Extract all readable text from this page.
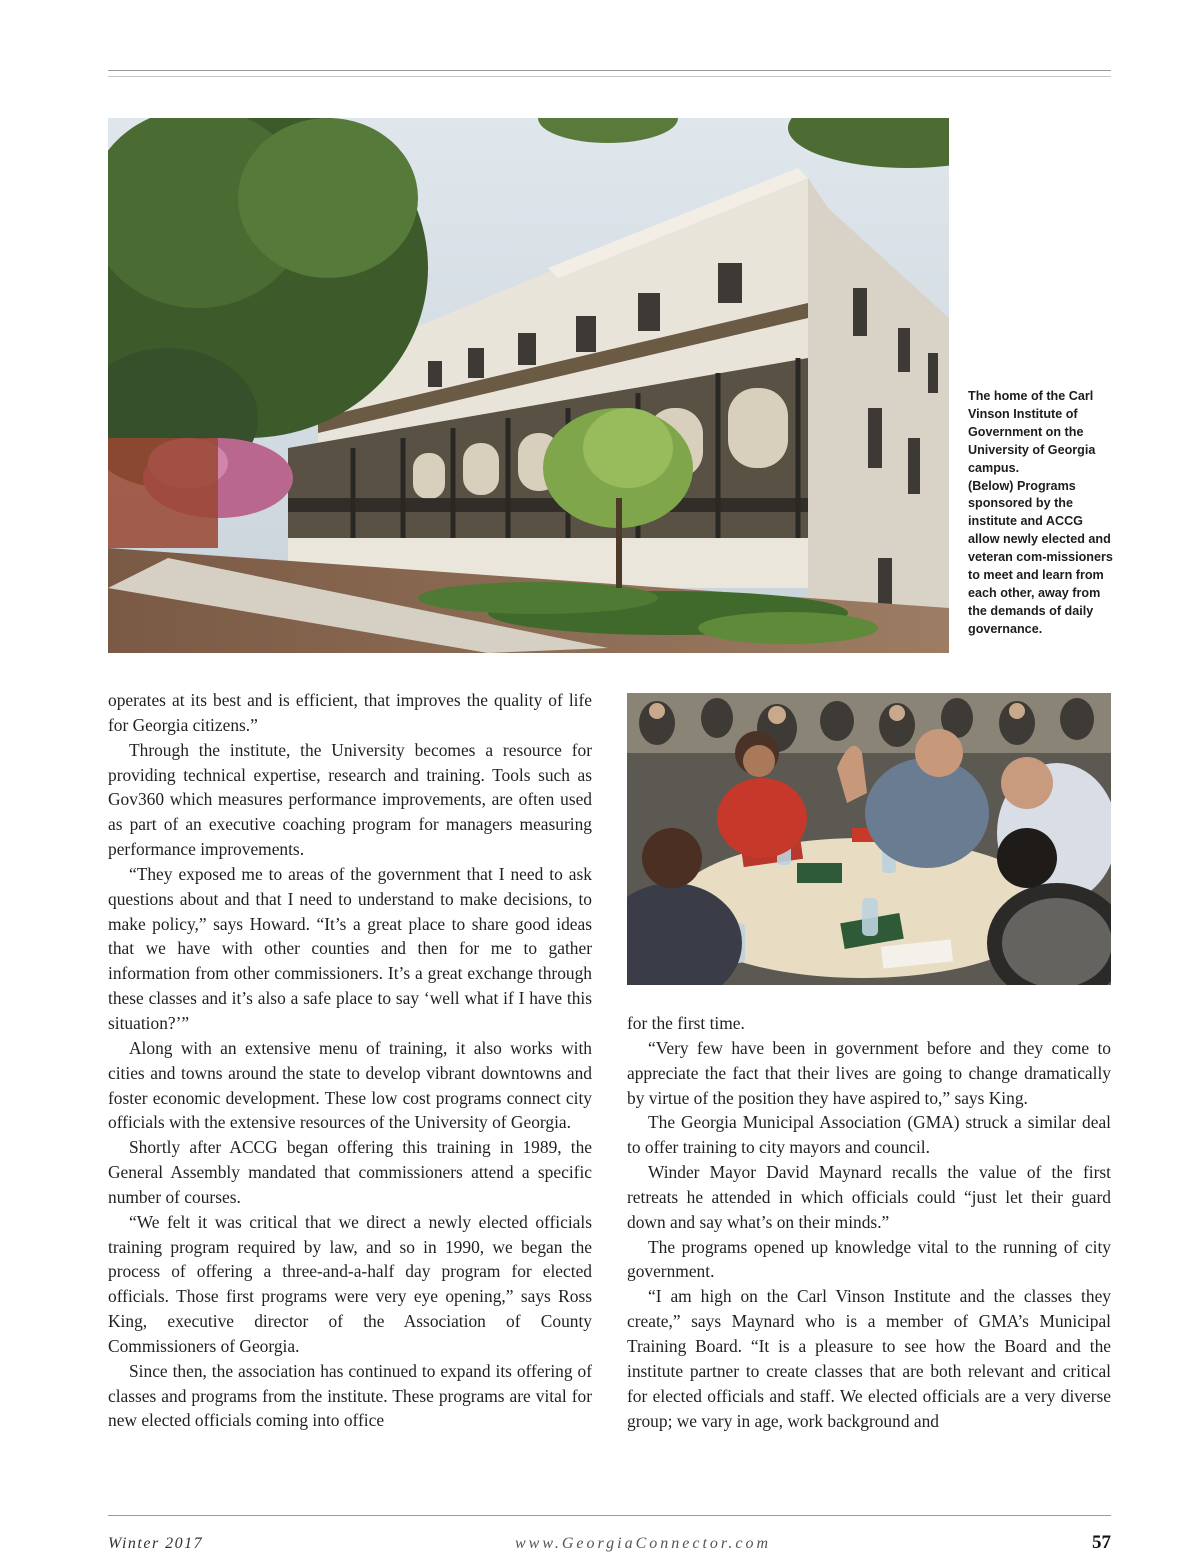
The home of the Carl Vinson Institute of Government on the University of Georgia campus.

(Below) Programs sponsored by the institute and ACCG allow newly elected and veteran com-missioners to meet and learn from each other, away from the demands of daily governance.

operates at its best and is efficient, that improves the quality of life for Georgia citizens.”

Through the institute, the University becomes a resource for providing technical expertise, research and training. Tools such as Gov360 which measures performance improvements, are often used as part of an executive coaching program for managers measuring performance improvements.

“They exposed me to areas of the government that I need to ask questions about and that I need to understand to make decisions, to make policy,” says Howard. “It’s a great place to share good ideas that we have with other counties and then for me to gather information from other commissioners. It’s a great exchange through these classes and it’s also a safe place to say ‘well what if I have this situation?’”

Along with an extensive menu of training, it also works with cities and towns around the state to develop vibrant downtowns and foster economic development. These low cost programs connect city officials with the extensive resources of the University of Georgia.

Shortly after ACCG began offering this training in 1989, the General Assembly mandated that commissioners attend a specific number of courses.

“We felt it was critical that we direct a newly elected officials training program required by law, and so in 1990, we began the process of offering a three-and-a-half day program for elected officials. Those first programs were very eye opening,” says Ross King, executive director of the Association of County Commissioners of Georgia.

Since then, the association has continued to expand its offering of classes and programs from the institute. These programs are vital for new elected officials coming into office

for the first time.

“Very few have been in government before and they come to appreciate the fact that their lives are going to change dramatically by virtue of the position they have aspired to,” says King.

The Georgia Municipal Association (GMA) struck a similar deal to offer training to city mayors and council.

Winder Mayor David Maynard recalls the value of the first retreats he attended in which officials could “just let their guard down and say what’s on their minds.”

The programs opened up knowledge vital to the running of city government.

“I am high on the Carl Vinson Institute and the classes they create,” says Maynard who is a member of GMA’s Municipal Training Board. “It is a pleasure to see how the Board and the institute partner to create classes that are both relevant and critical for elected officials and staff. We elected officials are a very diverse group; we vary in age, work background and

Winter 2017	www.GeorgiaConnector.com	57
